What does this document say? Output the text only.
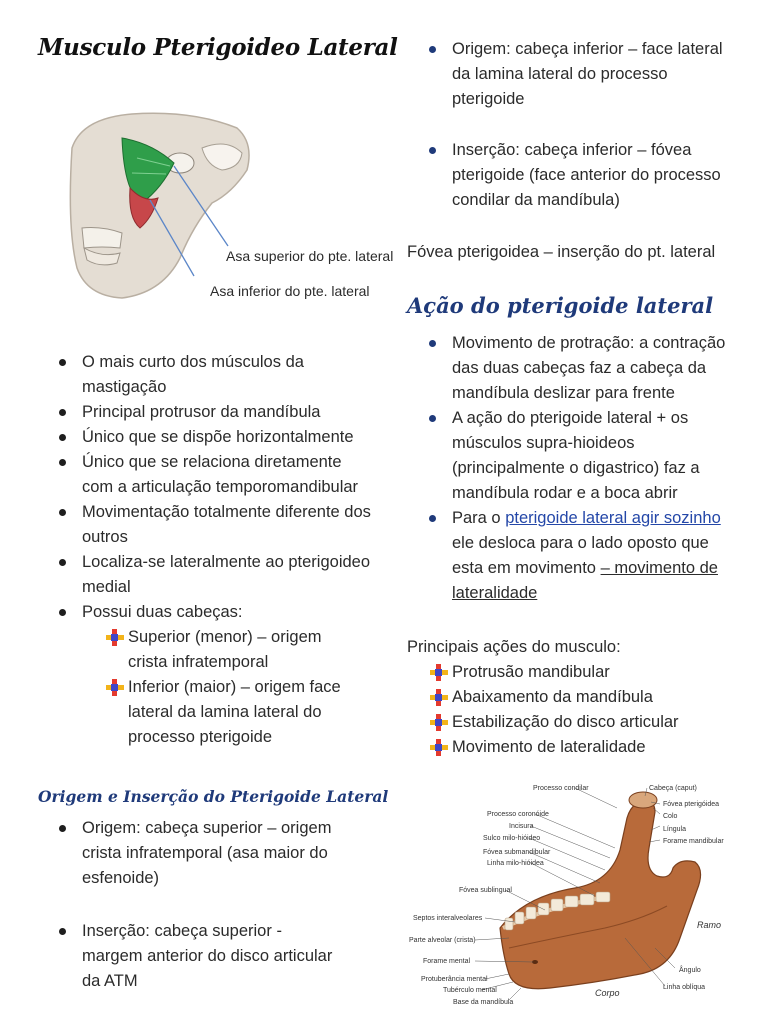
Musculo Pterigoideo Lateral
Asa superior do pte. lateral
Asa inferior do pte. lateral
O mais curto dos músculos da mastigação
Principal protrusor da mandíbula
Único que se dispõe horizontalmente
Único que se relaciona diretamente com a articulação temporomandibular
Movimentação totalmente diferente dos outros
Localiza-se lateralmente ao pterigoideo medial
Possui duas cabeças:
Superior (menor) – origem crista infratemporal
Inferior (maior) – origem face lateral da lamina lateral do processo pterigoide
Origem e Inserção do Pterigoide Lateral
Origem: cabeça superior – origem crista infratemporal (asa maior do esfenoide)
Inserção: cabeça superior - margem anterior do disco articular da ATM
Origem: cabeça inferior – face lateral da lamina lateral do processo pterigoide
Inserção: cabeça inferior – fóvea pterigoide (face anterior do processo condilar da mandíbula)
Fóvea pterigoidea – inserção do pt. lateral
Ação do pterigoide lateral
Movimento de protração: a contração das duas cabeças faz a cabeça da mandíbula deslizar para frente
A ação do pterigoide lateral + os músculos supra-hioideos (principalmente o digastrico) faz a mandíbula rodar e a boca abrir
Para o pterigoide lateral agir sozinho ele desloca para o lado oposto que esta em movimento – movimento de lateralidade
Principais ações do musculo:
Protrusão mandibular
Abaixamento da mandíbula
Estabilização do disco articular
Movimento de lateralidade
Processo condilar	Cabeça (caput)
Fóvea pterigóidea
Colo
Língula
Forame mandibular
Processo coronóide
Incisura
Sulco milo-hióideo
Fóvea submandibular
Linha milo-hióidea
Fóvea sublingual
Septos interalveolares
Parte alveolar (crista)
Forame mental
Protuberância mental
Tubérculo mental
Base da mandíbula
Ramo
Corpo
Ângulo
Linha oblíqua
